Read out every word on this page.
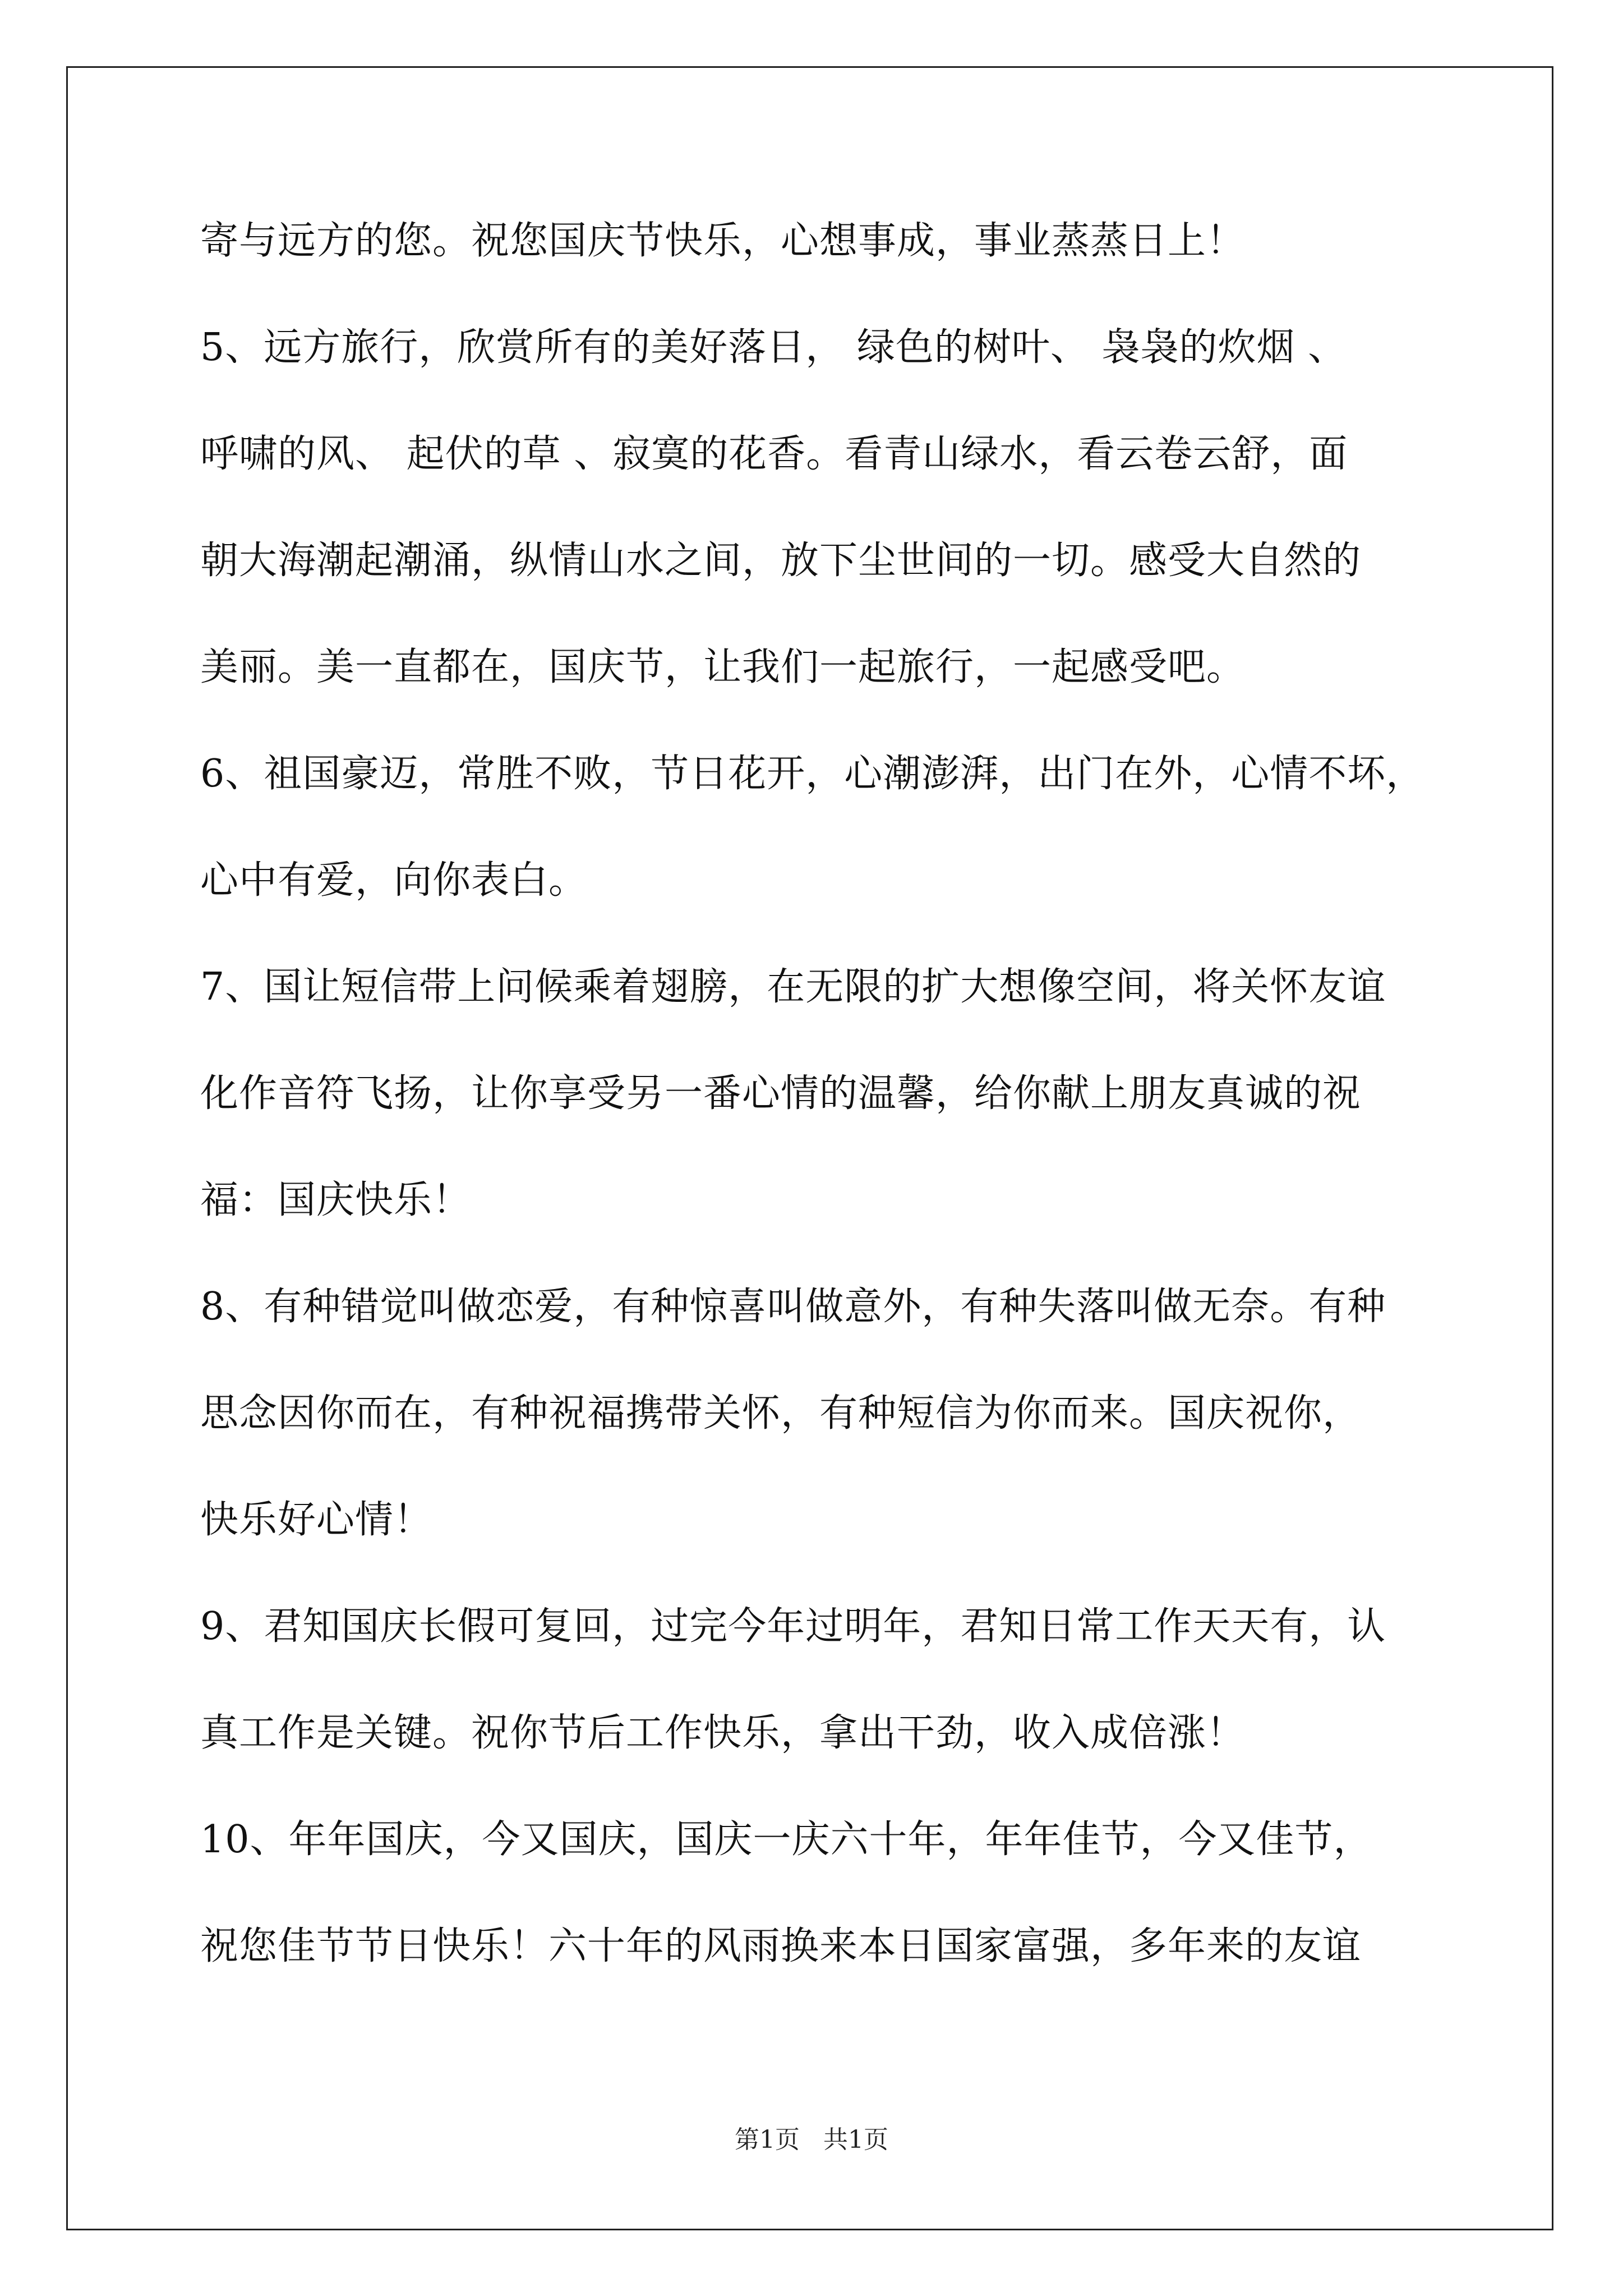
寄与远方的您。祝您国庆节快乐，心想事成，事业蒸蒸日上！
5、远方旅行，欣赏所有的美好落日， 绿色的树叶、 袅袅的炊烟 、
呼啸的风、 起伏的草 、寂寞的花香。看青山绿水，看云卷云舒，面
朝大海潮起潮涌，纵情山水之间，放下尘世间的一切。感受大自然的
美丽。美一直都在，国庆节，让我们一起旅行，一起感受吧。
6、祖国豪迈，常胜不败，节日花开，心潮澎湃，出门在外，心情不坏，
心中有爱，向你表白。
7、国让短信带上问候乘着翅膀，在无限的扩大想像空间，将关怀友谊
化作音符飞扬，让你享受另一番心情的温馨，给你献上朋友真诚的祝
福：国庆快乐！
8、有种错觉叫做恋爱，有种惊喜叫做意外，有种失落叫做无奈。有种
思念因你而在，有种祝福携带关怀，有种短信为你而来。国庆祝你，
快乐好心情！
9、君知国庆长假可复回，过完今年过明年，君知日常工作天天有，认
真工作是关键。祝你节后工作快乐，拿出干劲，收入成倍涨！
10、年年国庆，今又国庆，国庆一庆六十年，年年佳节，今又佳节，
祝您佳节节日快乐！六十年的风雨换来本日国家富强，多年来的友谊
第1页 共1页
